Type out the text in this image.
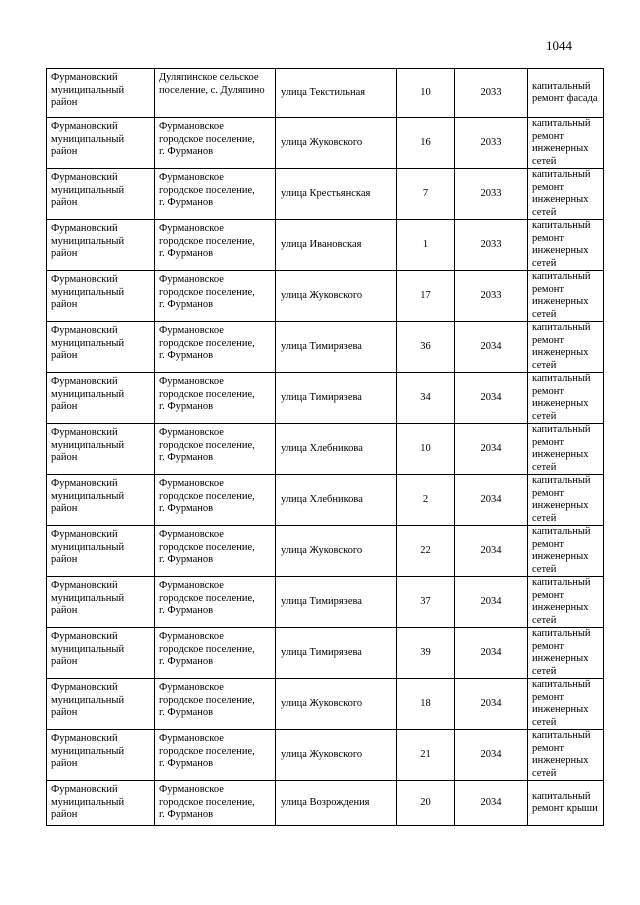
1044
Фурмановский
муниципальный
район	Дуляпинское сельское
поселение, с. Дуляпино	улица Текстильная	10	2033	капитальный
ремонт фасада

Фурмановский
муниципальный
район	Фурмановское
городское поселение,
г. Фурманов	улица Жуковского	16	2033	капитальный
ремонт
инженерных
сетей

Фурмановский
муниципальный
район	Фурмановское
городское поселение,
г. Фурманов	улица Крестьянская	7	2033	капитальный
ремонт
инженерных
сетей

Фурмановский
муниципальный
район	Фурмановское
городское поселение,
г. Фурманов	улица Ивановская	1	2033	капитальный
ремонт
инженерных
сетей

Фурмановский
муниципальный
район	Фурмановское
городское поселение,
г. Фурманов	улица Жуковского	17	2033	капитальный
ремонт
инженерных
сетей

Фурмановский
муниципальный
район	Фурмановское
городское поселение,
г. Фурманов	улица Тимирязева	36	2034	капитальный
ремонт
инженерных
сетей

Фурмановский
муниципальный
район	Фурмановское
городское поселение,
г. Фурманов	улица Тимирязева	34	2034	капитальный
ремонт
инженерных
сетей

Фурмановский
муниципальный
район	Фурмановское
городское поселение,
г. Фурманов	улица Хлебникова	10	2034	капитальный
ремонт
инженерных
сетей

Фурмановский
муниципальный
район	Фурмановское
городское поселение,
г. Фурманов	улица Хлебникова	2	2034	капитальный
ремонт
инженерных
сетей

Фурмановский
муниципальный
район	Фурмановское
городское поселение,
г. Фурманов	улица Жуковского	22	2034	капитальный
ремонт
инженерных
сетей

Фурмановский
муниципальный
район	Фурмановское
городское поселение,
г. Фурманов	улица Тимирязева	37	2034	капитальный
ремонт
инженерных
сетей

Фурмановский
муниципальный
район	Фурмановское
городское поселение,
г. Фурманов	улица Тимирязева	39	2034	капитальный
ремонт
инженерных
сетей

Фурмановский
муниципальный
район	Фурмановское
городское поселение,
г. Фурманов	улица Жуковского	18	2034	капитальный
ремонт
инженерных
сетей

Фурмановский
муниципальный
район	Фурмановское
городское поселение,
г. Фурманов	улица Жуковского	21	2034	капитальный
ремонт
инженерных
сетей

Фурмановский
муниципальный
район	Фурмановское
городское поселение,
г. Фурманов	улица Возрождения	20	2034	капитальный
ремонт крыши
